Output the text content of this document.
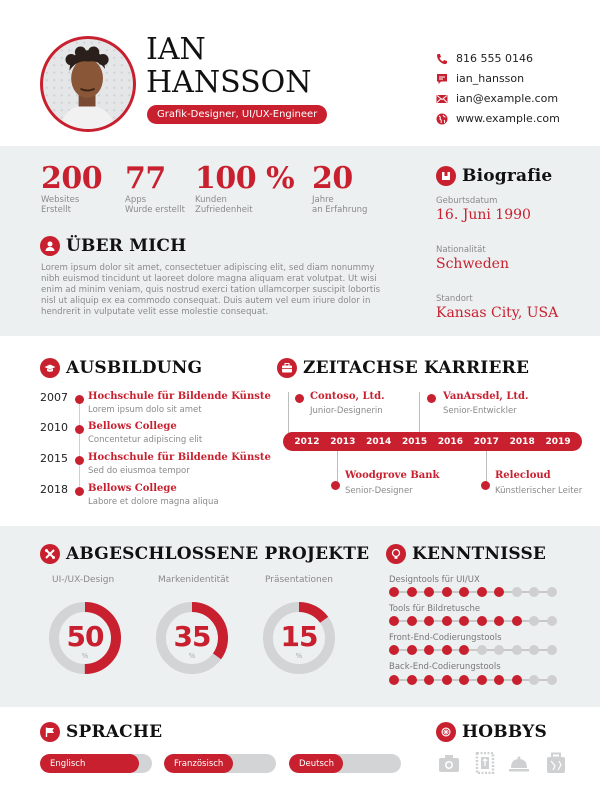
IAN
HANSSON
Grafik-Designer, UI/UX-Engineer
816 555 0146
ian_hansson
ian@example.com
www.example.com
200
Websites
Erstellt
77
Apps
Wurde erstellt
100 %
Kunden
Zufriedenheit
20
Jahre
an Erfahrung
ÜBER MICH
Lorem ipsum dolor sit amet, consectetuer adipiscing elit, sed diam nonummy nibh euismod tincidunt ut laoreet dolore magna aliquam erat volutpat. Ut wisi enim ad minim veniam, quis nostrud exerci tation ullamcorper suscipit lobortis nisl ut aliquip ex ea commodo consequat. Duis autem vel eum iriure dolor in hendrerit in vulputate velit esse molestie consequat.
Biografie
Geburtsdatum
16. Juni 1990
Nationalität
Schweden
Standort
Kansas City, USA
AUSBILDUNG
2007 Hochschule für Bildende Künste
Lorem ipsum dolo sit amet
2010 Bellows College
Concentetur adipiscing elit
2015 Hochschule für Bildende Künste
Sed do eiusmoa tempor
2018 Bellows College
Labore et dolore magna aliqua
ZEITACHSE KARRIERE
Contoso, Ltd.
Junior-Designerin
VanArsdel, Ltd.
Senior-Entwickler
2012 2013 2014 2015 2016 2017 2018 2019
Woodgrove Bank
Senior-Designer
Relecloud
Künstlerischer Leiter
ABGESCHLOSSENE PROJEKTE
UI-/UX-Design
50
%
Markenidentität
35
%
Präsentationen
15
%
KENNTNISSE
Designtools für UI/UX
Tools für Bildretusche
Front-End-Codierungstools
Back-End-Codierungstools
SPRACHE
Englisch	Französisch	Deutsch
HOBBYS
